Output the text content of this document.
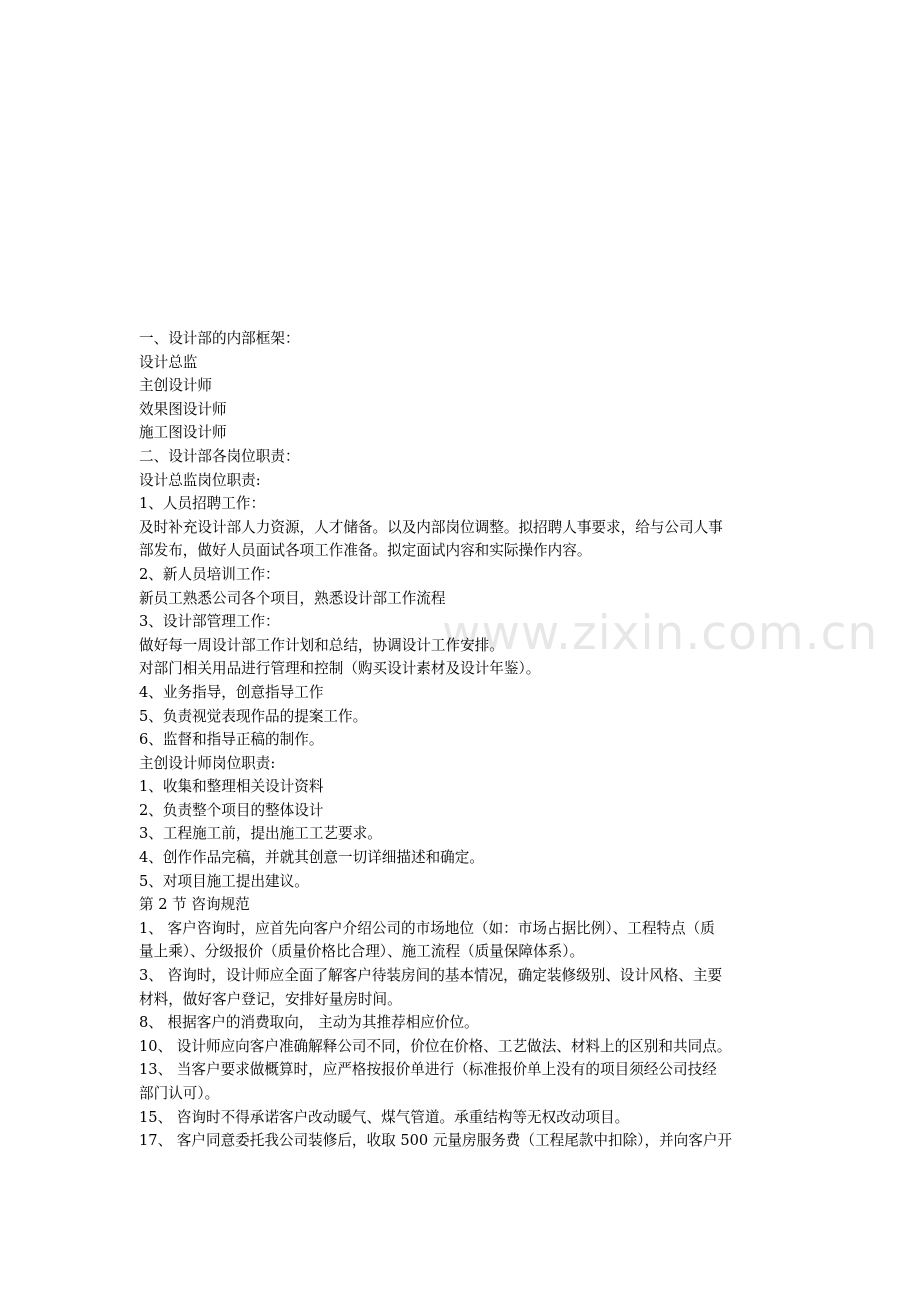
www.zixin.com.cn
一、设计部的内部框架：
设计总监
主创设计师
效果图设计师
施工图设计师
二、设计部各岗位职责：
设计总监岗位职责:
1、人员招聘工作：
及时补充设计部人力资源，人才储备。以及内部岗位调整。拟招聘人事要求，给与公司人事
部发布，做好人员面试各项工作准备。拟定面试内容和实际操作内容。
2、新人员培训工作：
新员工熟悉公司各个项目，熟悉设计部工作流程
3、设计部管理工作：
做好每一周设计部工作计划和总结，协调设计工作安排。
对部门相关用品进行管理和控制（购买设计素材及设计年鉴）。
4、业务指导，创意指导工作
5、负责视觉表现作品的提案工作。
6、监督和指导正稿的制作。
主创设计师岗位职责:
1、收集和整理相关设计资料
2、负责整个项目的整体设计
3、工程施工前，提出施工工艺要求。
4、创作作品完稿，并就其创意一切详细描述和确定。
5、对项目施工提出建议。
第 2 节 咨询规范
1、 客户咨询时，应首先向客户介绍公司的市场地位（如：市场占据比例）、工程特点（质
量上乘）、分级报价（质量价格比合理）、施工流程（质量保障体系）。
3、 咨询时，设计师应全面了解客户待装房间的基本情况，确定装修级别、设计风格、主要
材料，做好客户登记，安排好量房时间。
8、 根据客户的消费取向， 主动为其推荐相应价位。
10、 设计师应向客户准确解释公司不同，价位在价格、工艺做法、材料上的区别和共同点。
13、 当客户要求做概算时，应严格按报价单进行（标准报价单上没有的项目须经公司技经
部门认可）。
15、 咨询时不得承诺客户改动暖气、煤气管道。承重结构等无权改动项目。
17、 客户同意委托我公司装修后，收取 500 元量房服务费（工程尾款中扣除），并向客户开
